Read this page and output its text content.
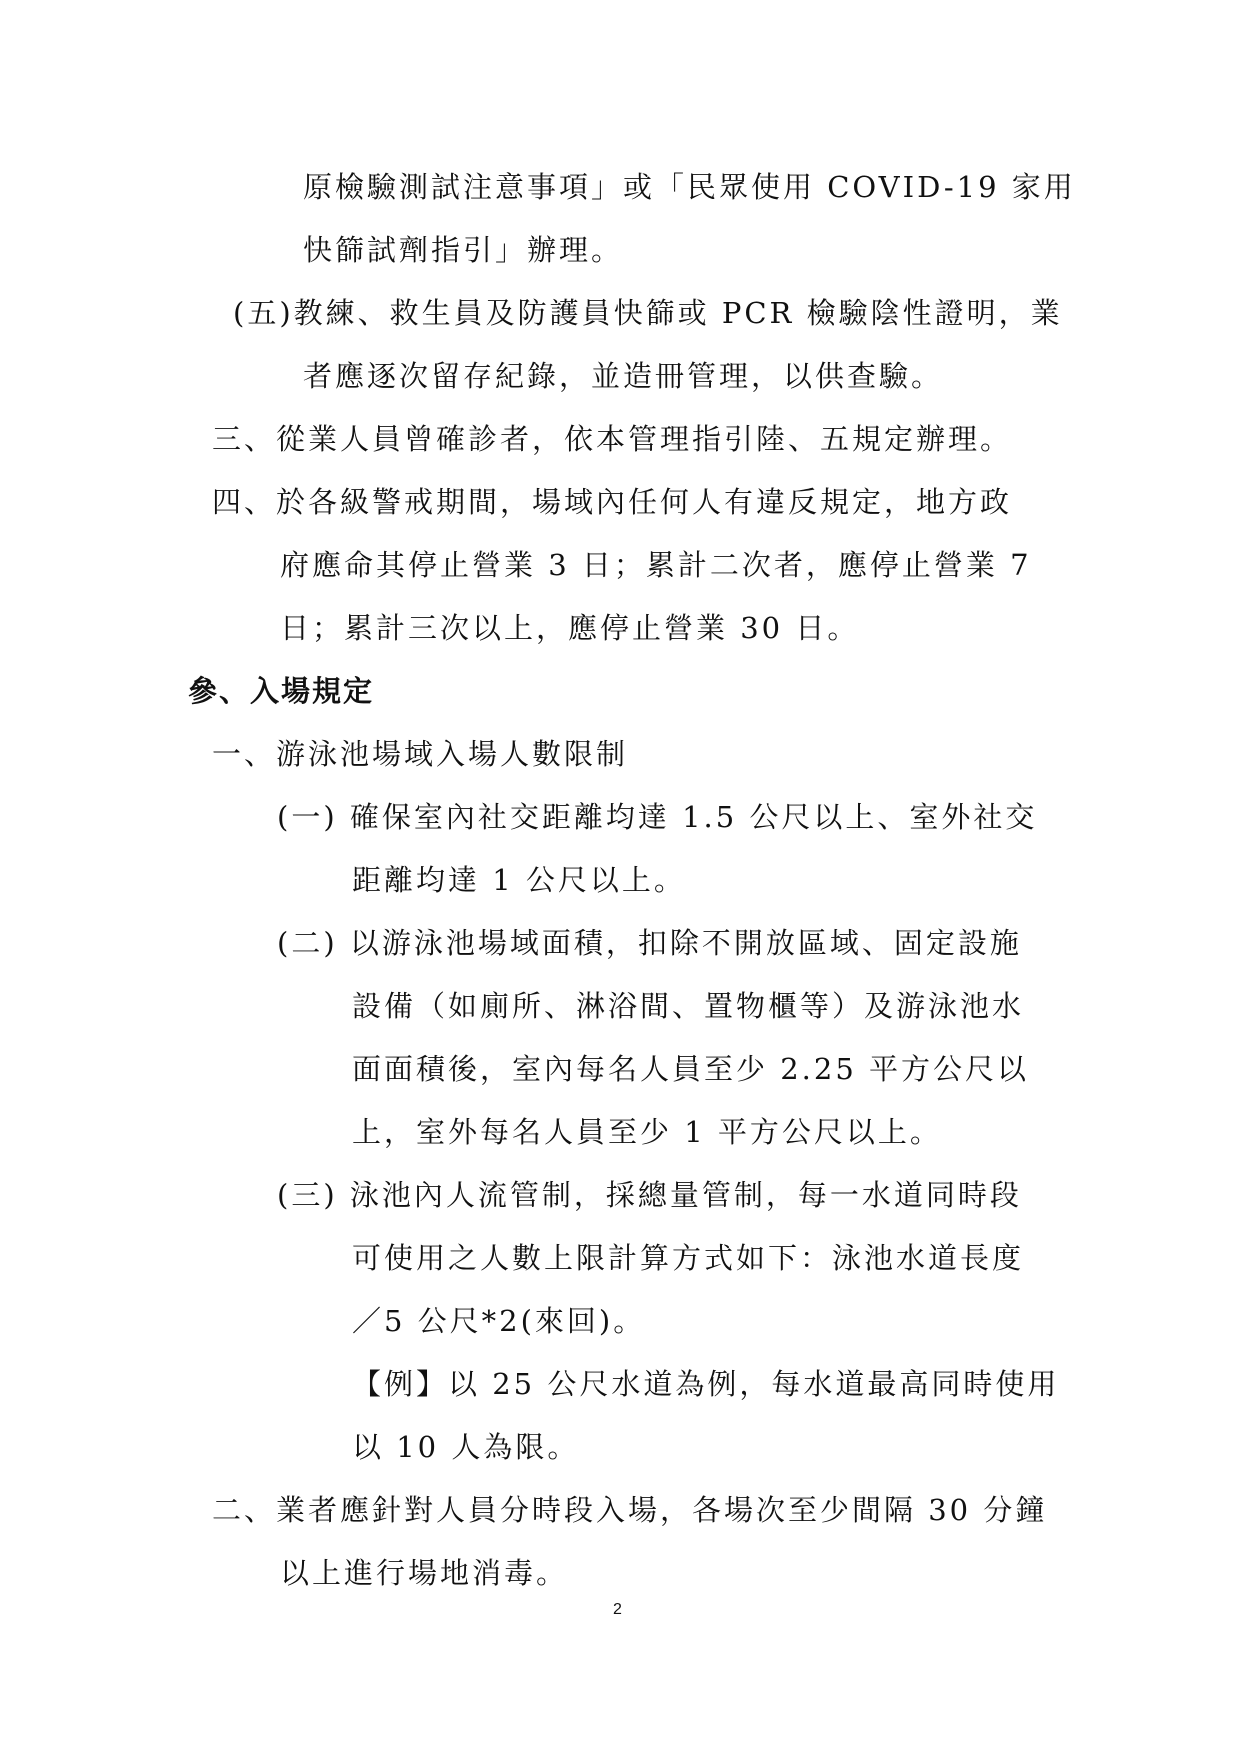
原檢驗測試注意事項」或「民眾使用 COVID-19 家用
快篩試劑指引」辦理。
(五)教練、救生員及防護員快篩或 PCR 檢驗陰性證明，業
者應逐次留存紀錄，並造冊管理，以供查驗。
三、從業人員曾確診者，依本管理指引陸、五規定辦理。
四、於各級警戒期間，場域內任何人有違反規定，地方政
府應命其停止營業 3 日；累計二次者，應停止營業 7
日；累計三次以上，應停止營業 30 日。
參、入場規定
一、游泳池場域入場人數限制
(一) 確保室內社交距離均達 1.5 公尺以上、室外社交
距離均達 1 公尺以上。
(二) 以游泳池場域面積，扣除不開放區域、固定設施
設備（如廁所、淋浴間、置物櫃等）及游泳池水
面面積後，室內每名人員至少 2.25 平方公尺以
上，室外每名人員至少 1 平方公尺以上。
(三) 泳池內人流管制，採總量管制，每一水道同時段
可使用之人數上限計算方式如下：泳池水道長度
／5 公尺*2(來回)。
【例】以 25 公尺水道為例，每水道最高同時使用
以 10 人為限。
二、業者應針對人員分時段入場，各場次至少間隔 30 分鐘
以上進行場地消毒。
2
